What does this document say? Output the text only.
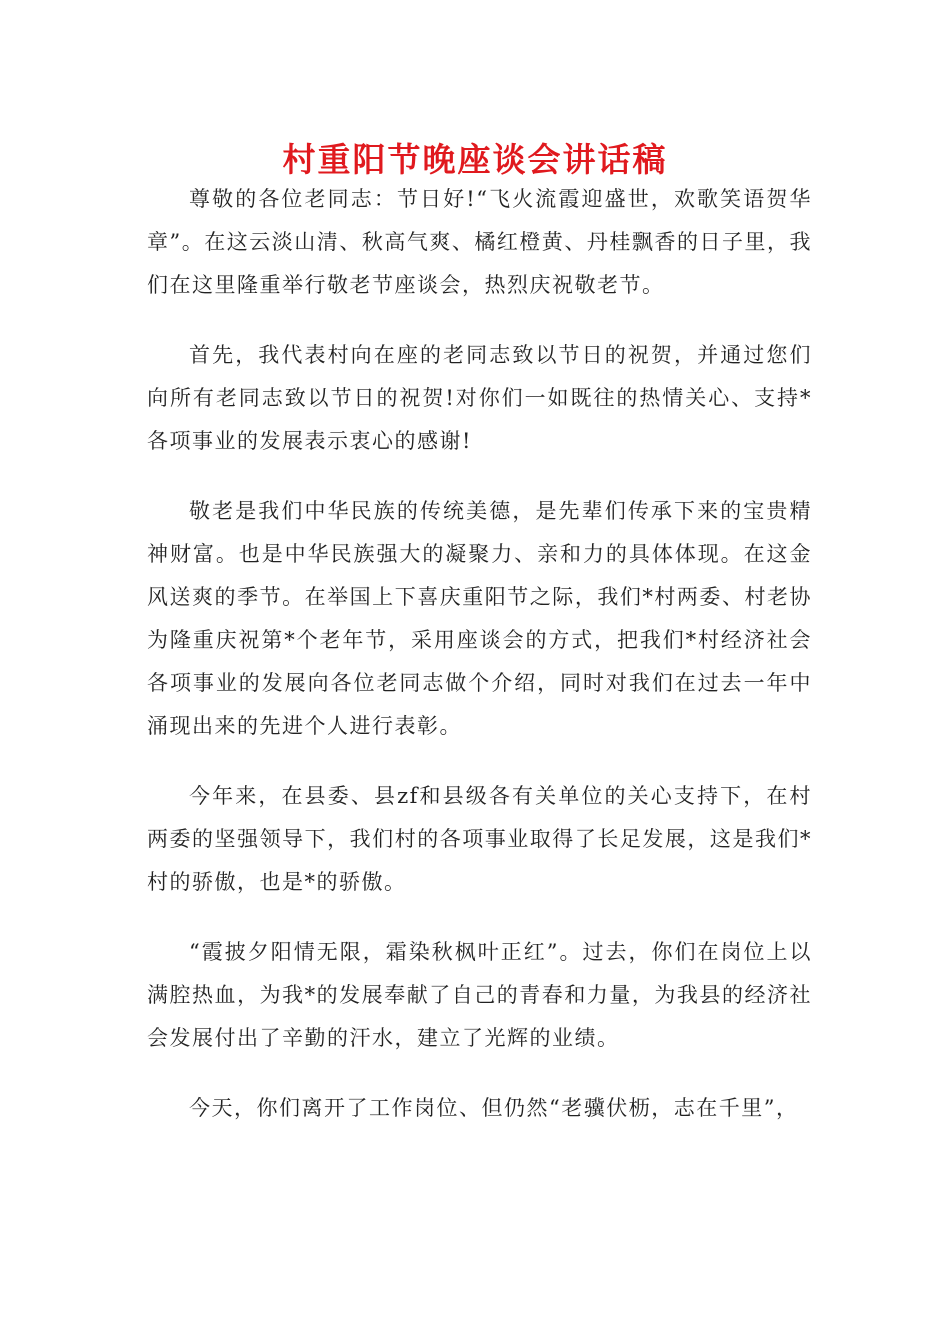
村重阳节晚座谈会讲话稿

尊敬的各位老同志：节日好!“飞火流霞迎盛世，欢歌笑语贺华章”。在这云淡山清、秋高气爽、橘红橙黄、丹桂飘香的日子里，我们在这里隆重举行敬老节座谈会，热烈庆祝敬老节。

首先，我代表村向在座的老同志致以节日的祝贺，并通过您们向所有老同志致以节日的祝贺!对你们一如既往的热情关心、支持*各项事业的发展表示衷心的感谢!

敬老是我们中华民族的传统美德，是先辈们传承下来的宝贵精神财富。也是中华民族强大的凝聚力、亲和力的具体体现。在这金风送爽的季节。在举国上下喜庆重阳节之际，我们*村两委、村老协为隆重庆祝第*个老年节，采用座谈会的方式，把我们*村经济社会各项事业的发展向各位老同志做个介绍，同时对我们在过去一年中涌现出来的先进个人进行表彰。

今年来，在县委、县zf和县级各有关单位的关心支持下，在村两委的坚强领导下，我们村的各项事业取得了长足发展，这是我们*村的骄傲，也是*的骄傲。

“霞披夕阳情无限，霜染秋枫叶正红”。过去，你们在岗位上以满腔热血，为我*的发展奉献了自己的青春和力量，为我县的经济社会发展付出了辛勤的汗水，建立了光辉的业绩。

今天，你们离开了工作岗位、但仍然“老骥伏枥，志在千里”，
